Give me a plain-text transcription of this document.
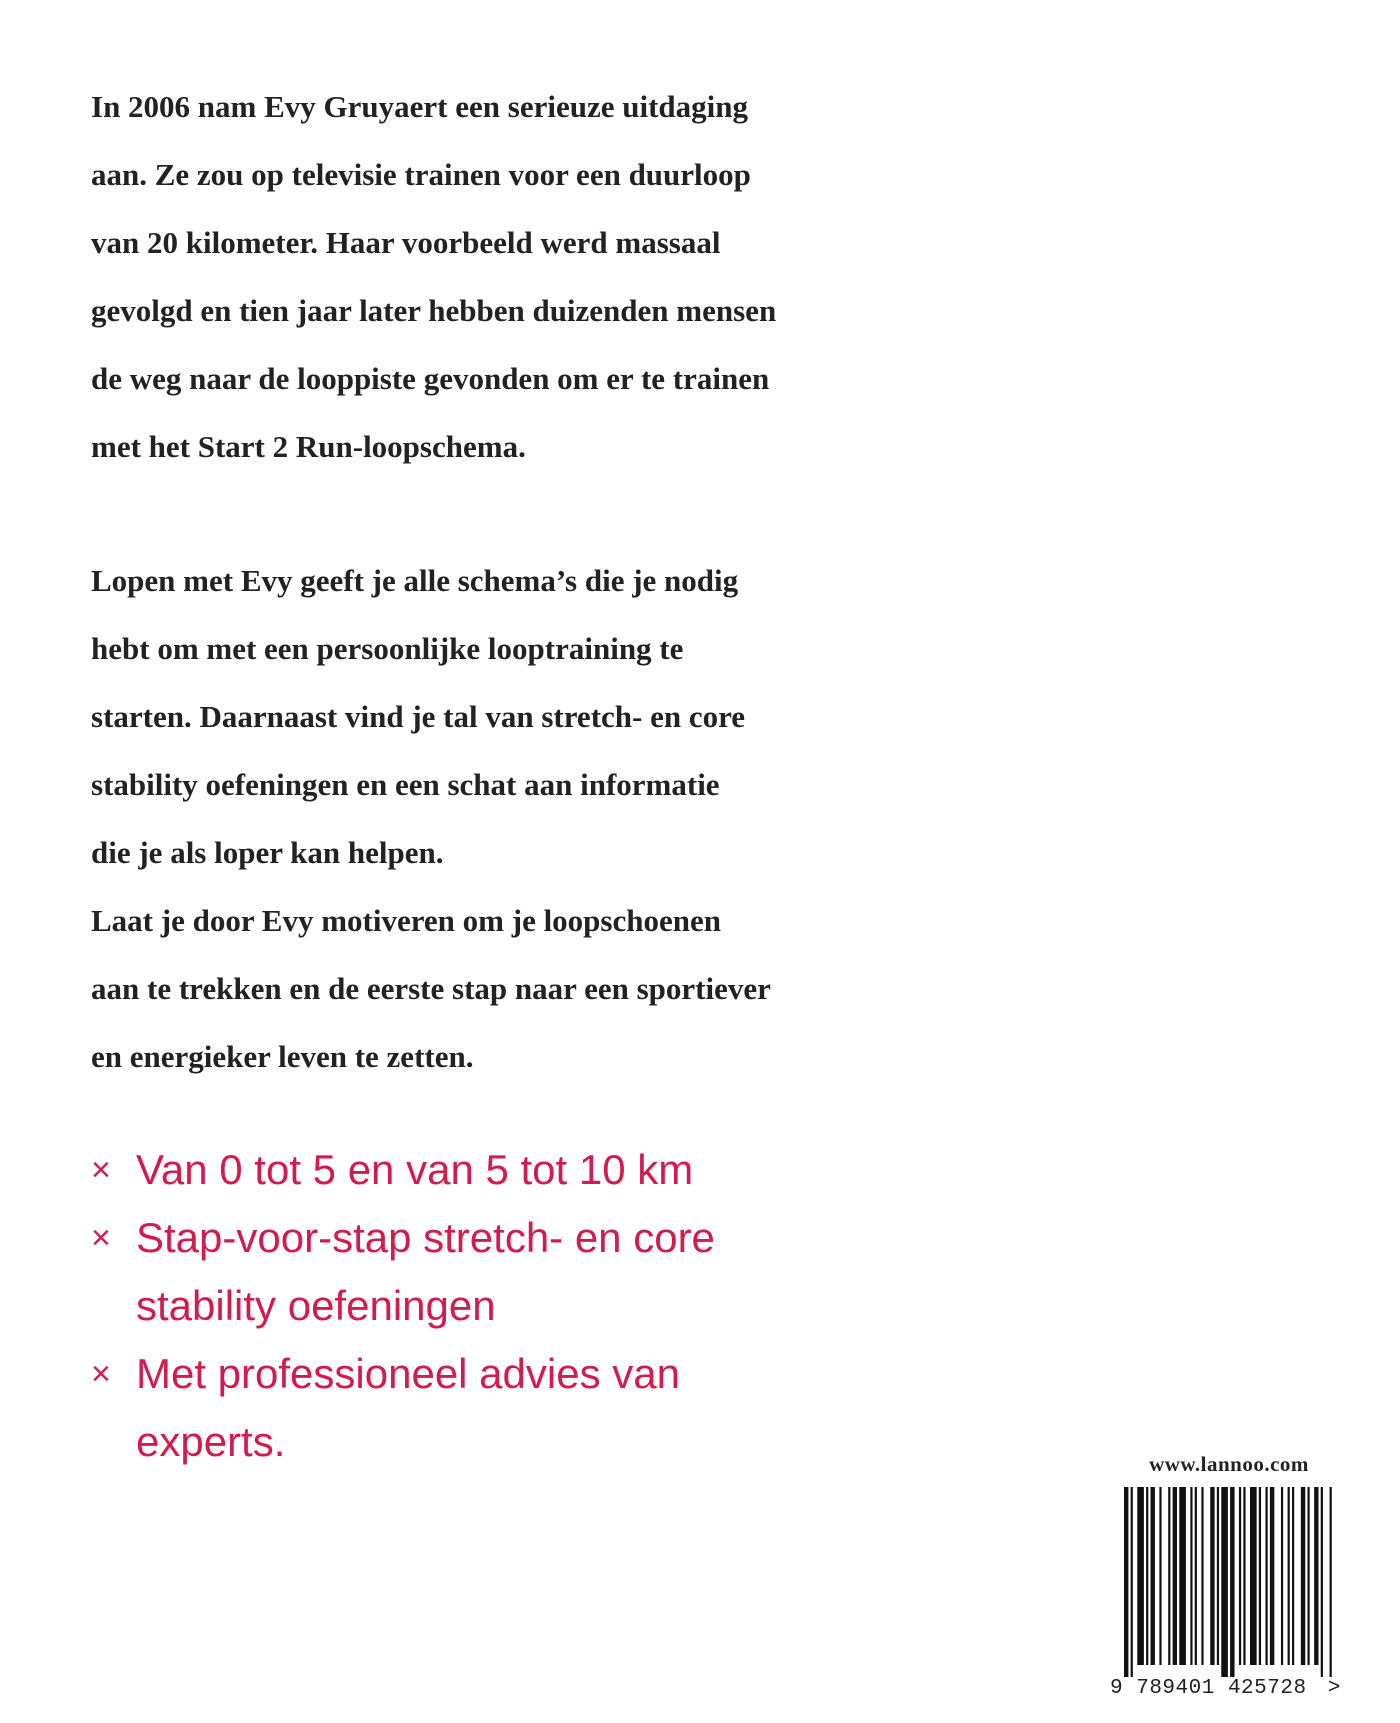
In 2006 nam Evy Gruyaert een serieuze uitdaging
aan. Ze zou op televisie trainen voor een duurloop
van 20 kilometer. Haar voorbeeld werd massaal
gevolgd en tien jaar later hebben duizenden mensen
de weg naar de looppiste gevonden om er te trainen
met het Start 2 Run-loopschema.

Lopen met Evy geeft je alle schema’s die je nodig
hebt om met een persoonlijke looptraining te
starten. Daarnaast vind je tal van stretch- en core
stability oefeningen en een schat aan informatie
die je als loper kan helpen.
Laat je door Evy motiveren om je loopschoenen
aan te trekken en de eerste stap naar een sportiever
en energieker leven te zetten.

× Van 0 tot 5 en van 5 tot 10 km
× Stap-voor-stap stretch- en core
stability oefeningen
× Met professioneel advies van
experts.	www.lannoo.com
9 789401 425728 >
